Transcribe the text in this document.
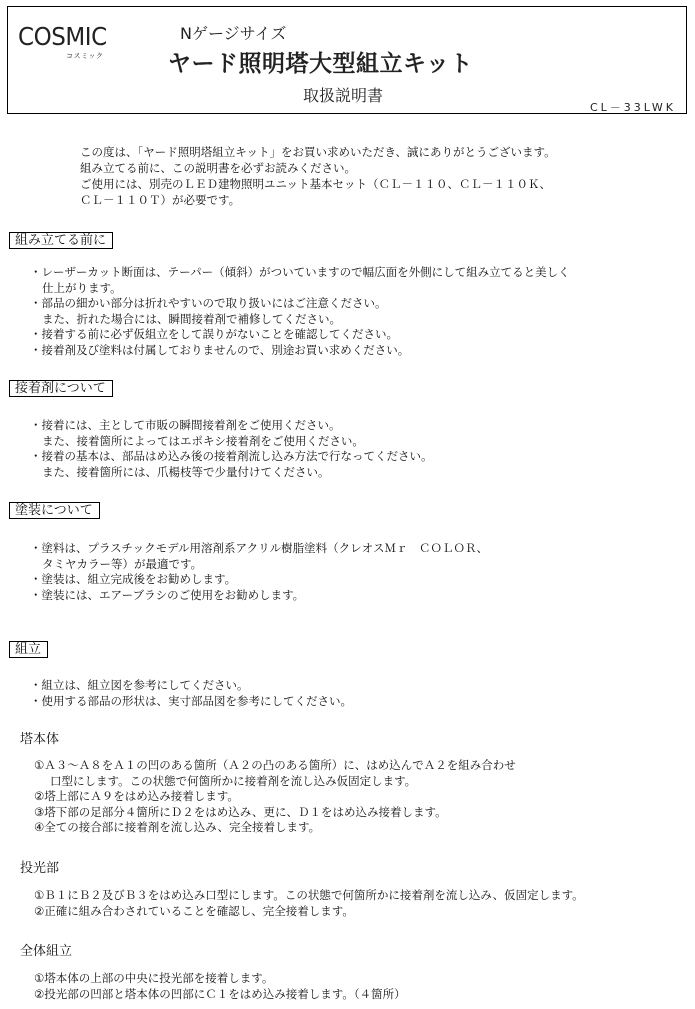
COSMIC
コスミック
Nゲージサイズ
ヤード照明塔大型組立キット
取扱説明書
CL－33LWK
この度は、「ヤード照明塔組立キット」をお買い求めいただき、誠にありがとうございます。
組み立てる前に、この説明書を必ずお読みください。
ご使用には、別売のＬＥＤ建物照明ユニット基本セット（ＣＬ－１１０、ＣＬ－１１０Ｋ、
ＣＬ－１１０Ｔ）が必要です。
組み立てる前に
・レーザーカット断面は、テーパー（傾斜）がついていますので幅広面を外側にして組み立てると美しく
仕上がります。
・部品の細かい部分は折れやすいので取り扱いにはご注意ください。
また、折れた場合には、瞬間接着剤で補修してください。
・接着する前に必ず仮組立をして誤りがないことを確認してください。
・接着剤及び塗料は付属しておりませんので、別途お買い求めください。
接着剤について
・接着には、主として市販の瞬間接着剤をご使用ください。
また、接着箇所によってはエポキシ接着剤をご使用ください。
・接着の基本は、部品はめ込み後の接着剤流し込み方法で行なってください。
また、接着箇所には、爪楊枝等で少量付けてください。
塗装について
・塗料は、プラスチックモデル用溶剤系アクリル樹脂塗料（クレオスＭｒ　ＣＯＬＯＲ、
タミヤカラー等）が最適です。
・塗装は、組立完成後をお勧めします。
・塗装には、エアーブラシのご使用をお勧めします。
組立
・組立は、組立図を参考にしてください。
・使用する部品の形状は、実寸部品図を参考にしてください。
塔本体
①Ａ３～Ａ８をＡ１の凹のある箇所（Ａ２の凸のある箇所）に、はめ込んでＡ２を組み合わせ
口型にします。この状態で何箇所かに接着剤を流し込み仮固定します。
②塔上部にＡ９をはめ込み接着します。
③塔下部の足部分４箇所にＤ２をはめ込み、更に、Ｄ１をはめ込み接着します。
④全ての接合部に接着剤を流し込み、完全接着します。
投光部
①Ｂ１にＢ２及びＢ３をはめ込み口型にします。この状態で何箇所かに接着剤を流し込み、仮固定します。
②正確に組み合わされていることを確認し、完全接着します。
全体組立
①塔本体の上部の中央に投光部を接着します。
②投光部の凹部と塔本体の凹部にＣ１をはめ込み接着します。（４箇所）
